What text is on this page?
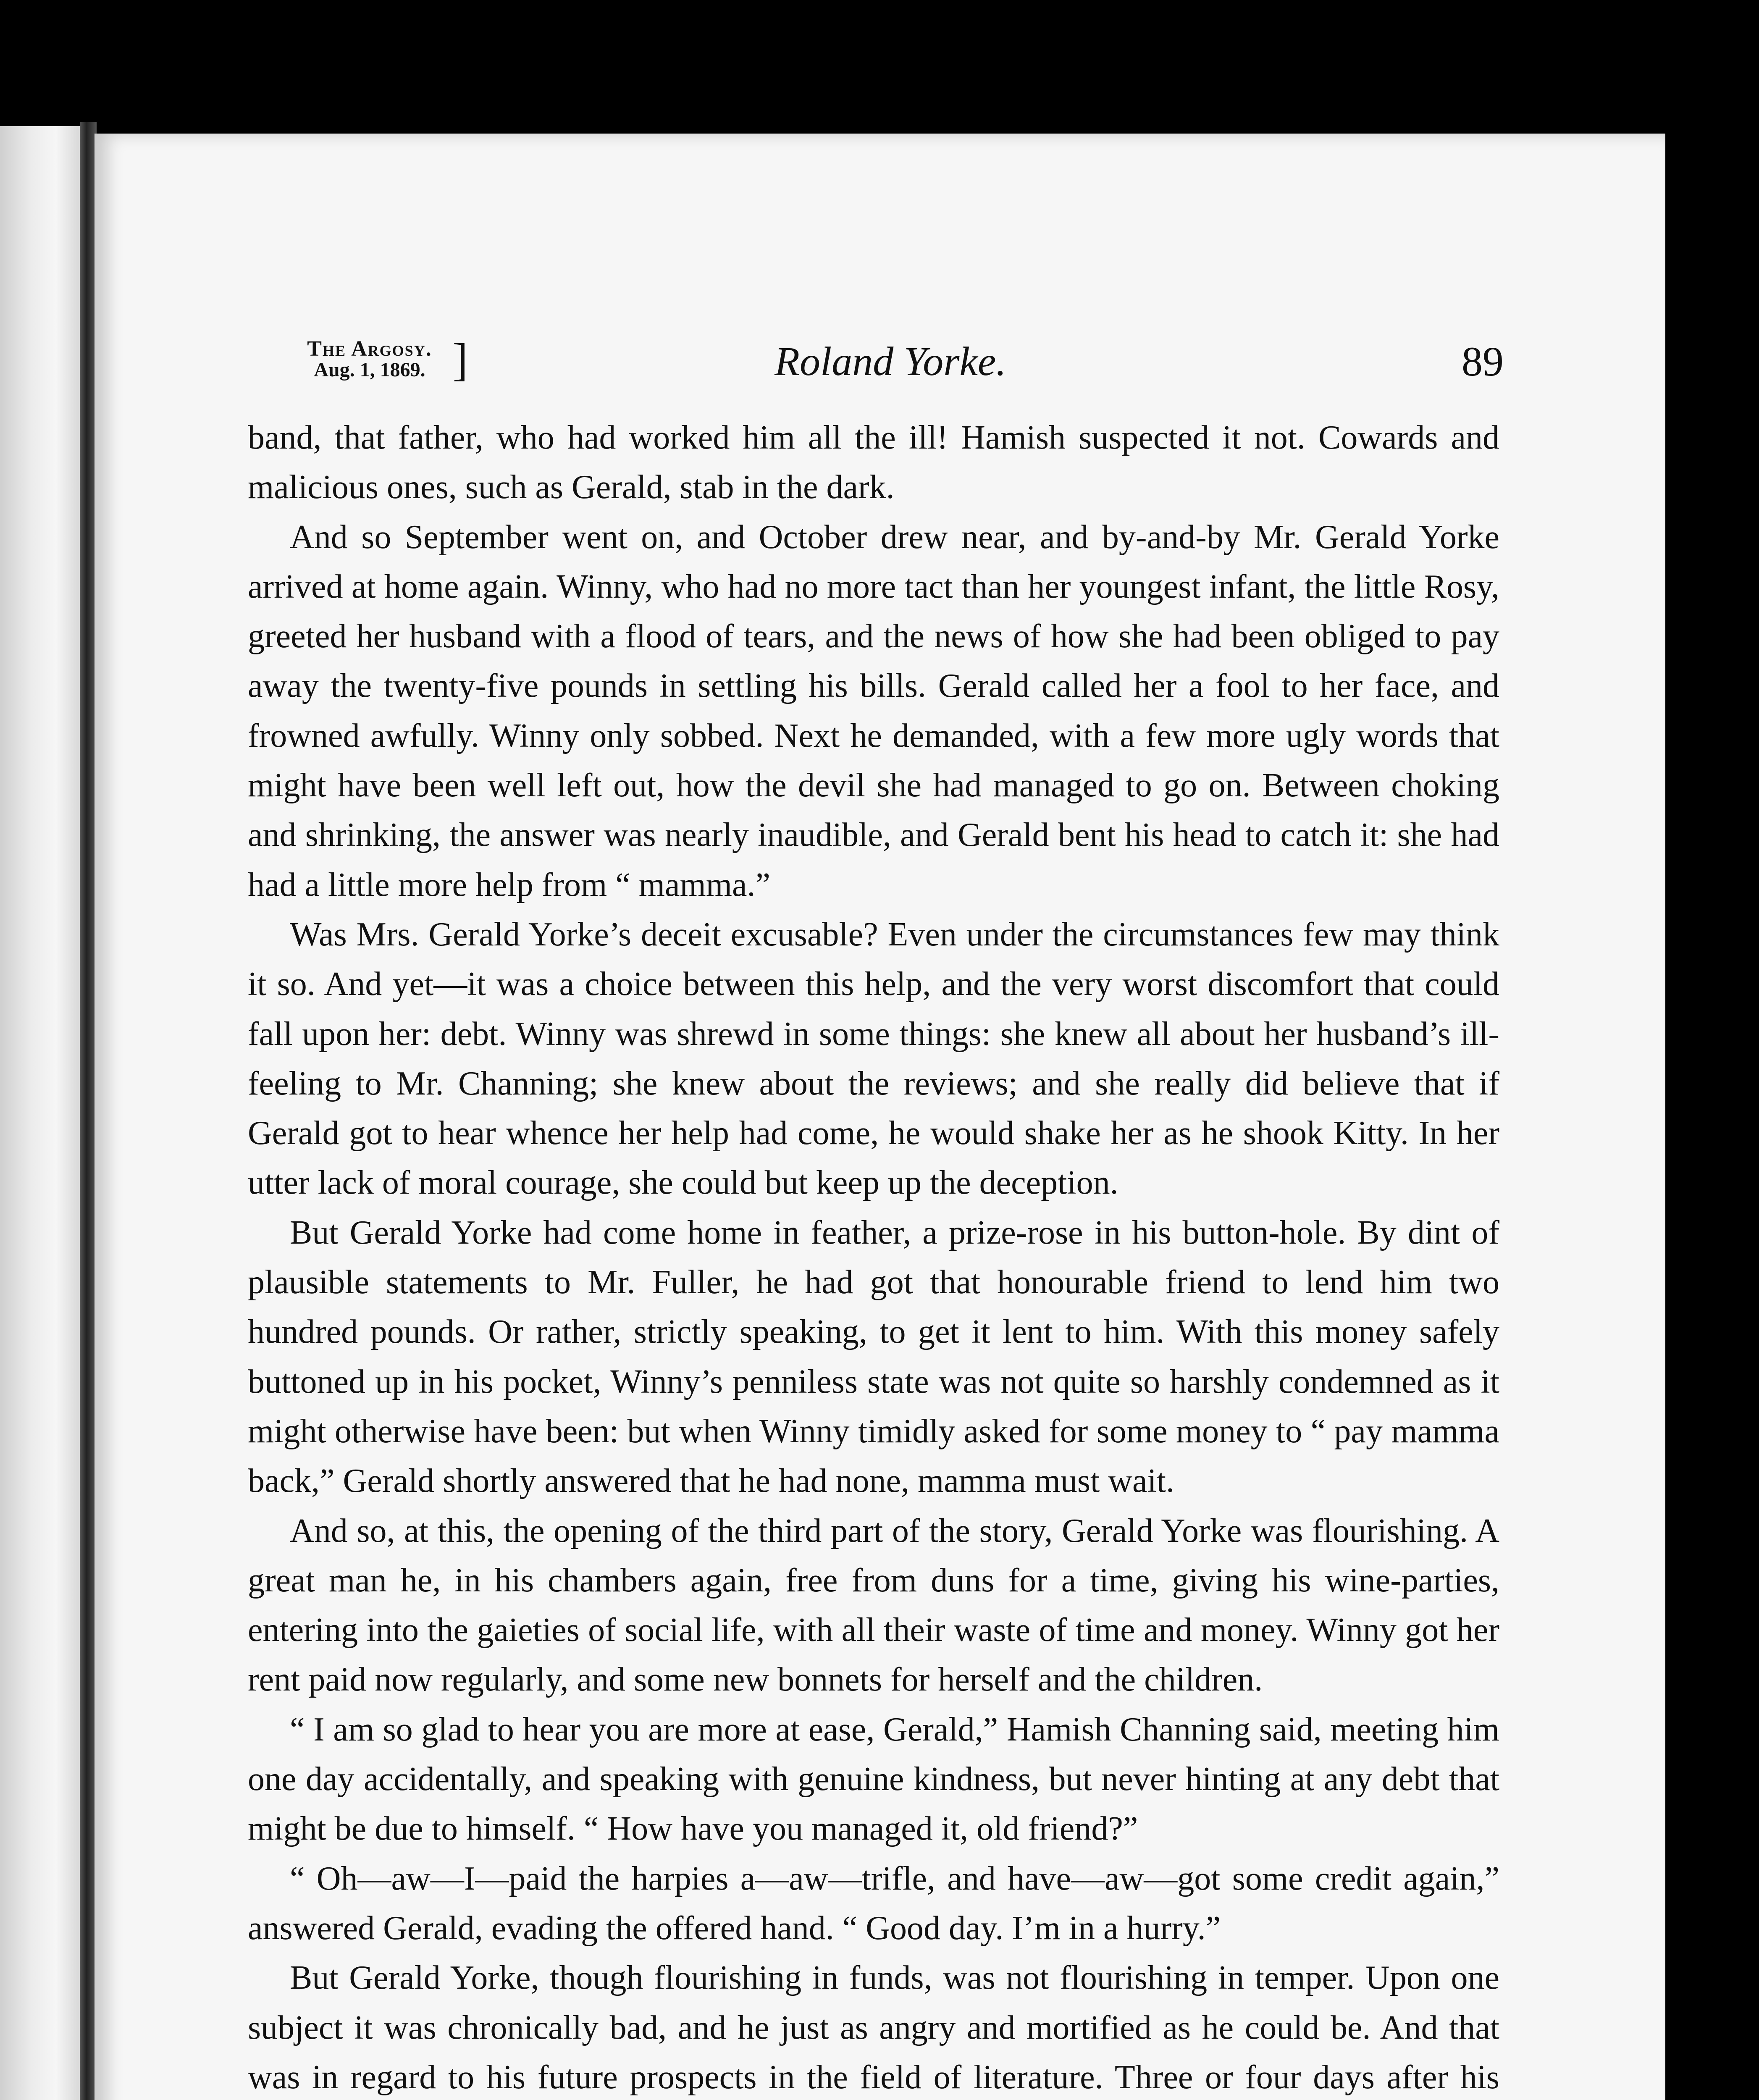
The Argosy.
Aug. 1, 1869. ]	Roland Yorke.	89

band, that father, who had worked him all the ill! Hamish suspected it not. Cowards and malicious ones, such as Gerald, stab in the dark.

And so September went on, and October drew near, and by-and-by Mr. Gerald Yorke arrived at home again. Winny, who had no more tact than her youngest infant, the little Rosy, greeted her husband with a flood of tears, and the news of how she had been obliged to pay away the twenty-five pounds in settling his bills. Gerald called her a fool to her face, and frowned awfully. Winny only sobbed. Next he demanded, with a few more ugly words that might have been well left out, how the devil she had managed to go on. Between choking and shrinking, the answer was nearly inaudible, and Gerald bent his head to catch it: she had had a little more help from “ mamma.”

Was Mrs. Gerald Yorke’s deceit excusable? Even under the circumstances few may think it so. And yet—it was a choice between this help, and the very worst discomfort that could fall upon her: debt. Winny was shrewd in some things: she knew all about her husband’s ill-feeling to Mr. Channing; she knew about the reviews; and she really did believe that if Gerald got to hear whence her help had come, he would shake her as he shook Kitty. In her utter lack of moral courage, she could but keep up the deception.

But Gerald Yorke had come home in feather, a prize-rose in his button-hole. By dint of plausible statements to Mr. Fuller, he had got that honourable friend to lend him two hundred pounds. Or rather, strictly speaking, to get it lent to him. With this money safely buttoned up in his pocket, Winny’s penniless state was not quite so harshly condemned as it might otherwise have been: but when Winny timidly asked for some money to “ pay mamma back,” Gerald shortly answered that he had none, mamma must wait.

And so, at this, the opening of the third part of the story, Gerald Yorke was flourishing. A great man he, in his chambers again, free from duns for a time, giving his wine-parties, entering into the gaieties of social life, with all their waste of time and money. Winny got her rent paid now regularly, and some new bonnets for herself and the children.

“ I am so glad to hear you are more at ease, Gerald,” Hamish Channing said, meeting him one day accidentally, and speaking with genuine kindness, but never hinting at any debt that might be due to himself. “ How have you managed it, old friend?”

“ Oh—aw—I—paid the harpies a—aw—trifle, and have—aw—got some credit again,” answered Gerald, evading the offered hand. “ Good day. I’m in a hurry.”

But Gerald Yorke, though flourishing in funds, was not flourishing in temper. Upon one subject it was chronically bad, and he just as angry and mortified as he could be. And that was in regard to his future prospects in the field of literature. Three or four days after his
